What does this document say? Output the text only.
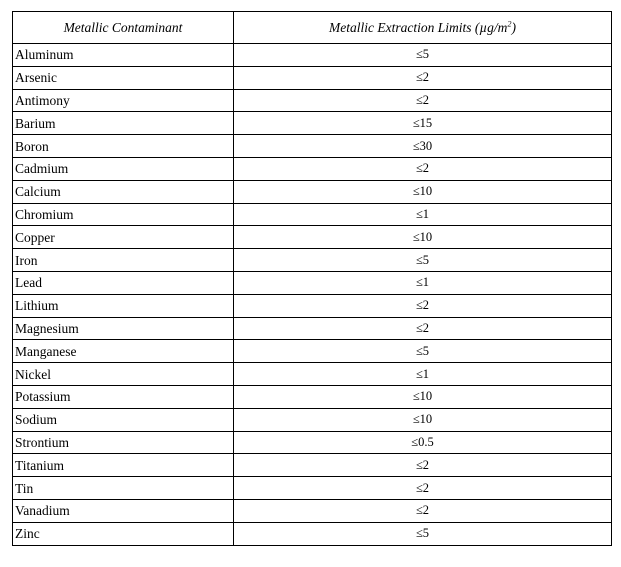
Metallic Contaminant	Metallic Extraction Limits $(\mu g/m^2)$
Aluminum	≤5
Arsenic	≤2
Antimony	≤2
Barium	≤15
Boron	≤30
Cadmium	≤2
Calcium	≤10
Chromium	≤1
Copper	≤10
Iron	≤5
Lead	≤1
Lithium	≤2
Magnesium	≤2
Manganese	≤5
Nickel	≤1
Potassium	≤10
Sodium	≤10
Strontium	≤0.5
Titanium	≤2
Tin	≤2
Vanadium	≤2
Zinc	≤5
